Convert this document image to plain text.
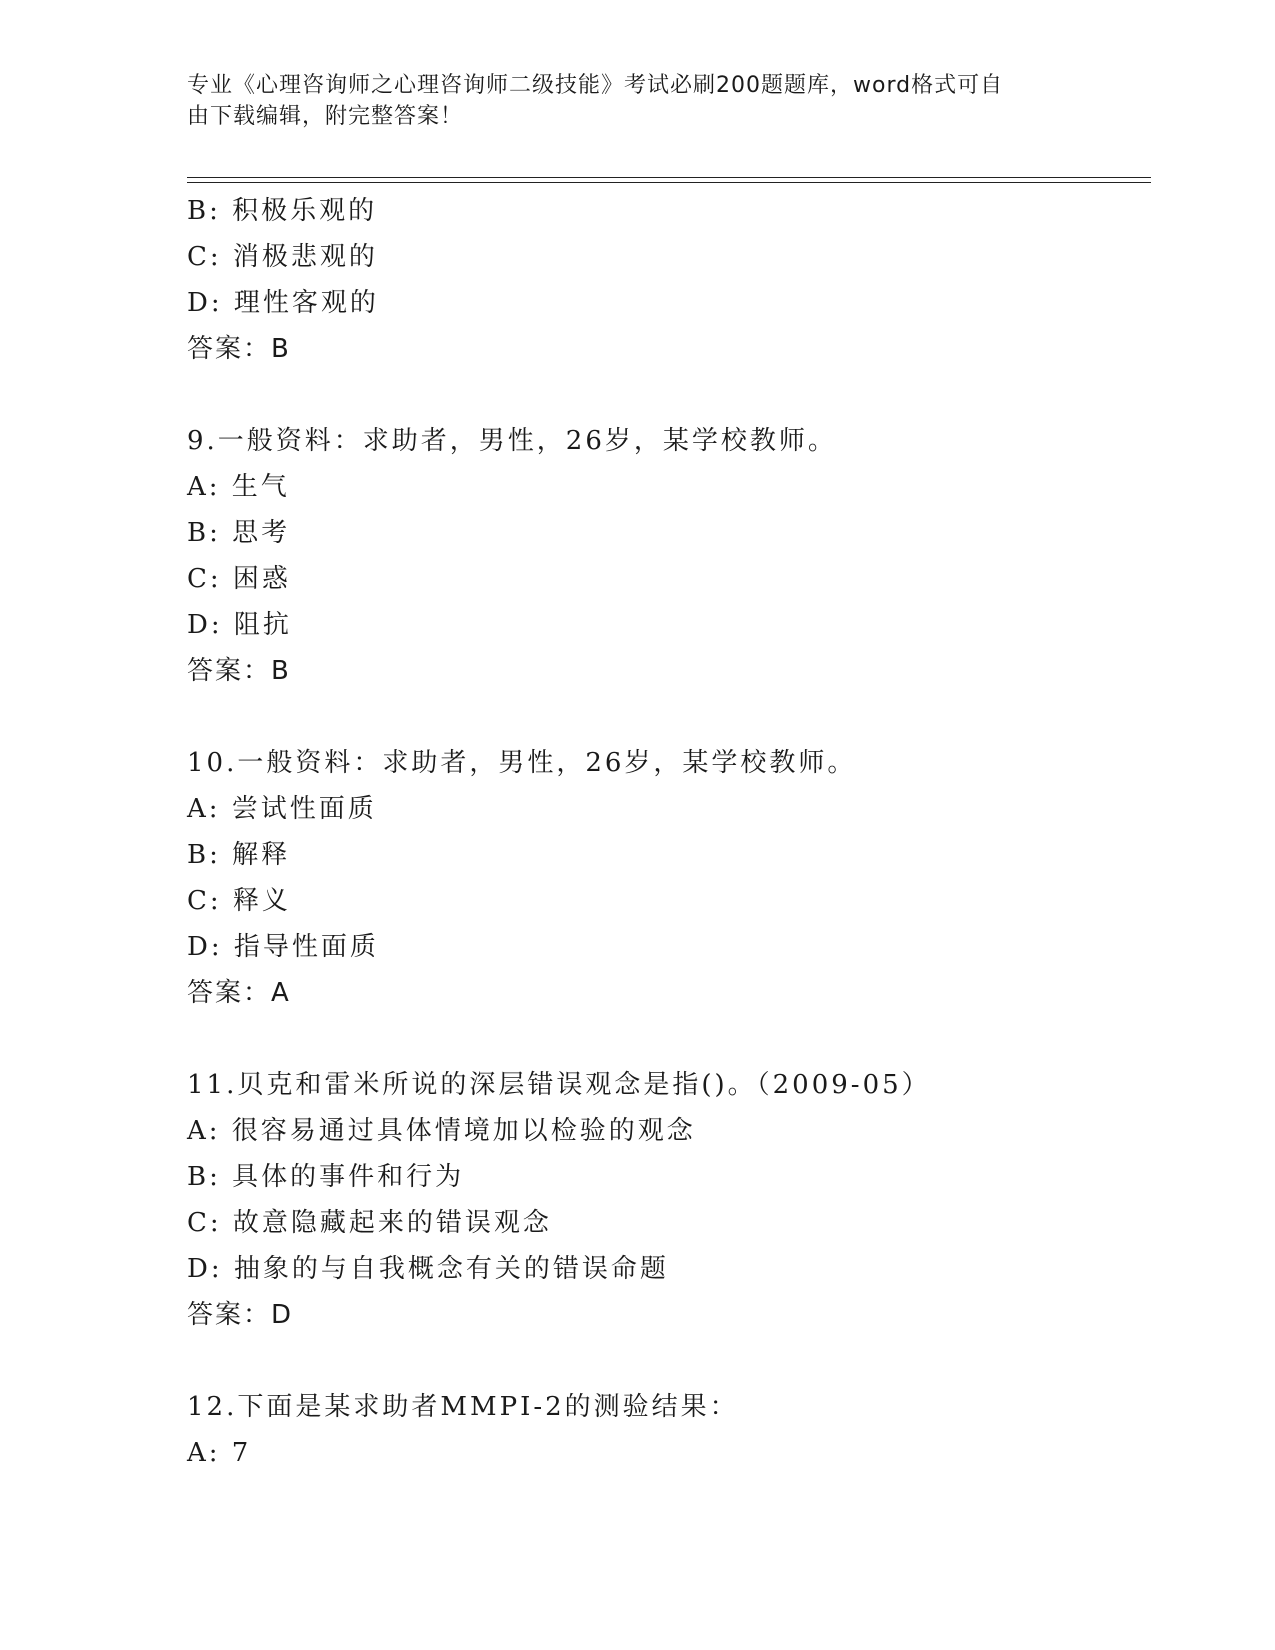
专业《心理咨询师之心理咨询师二级技能》考试必刷200题题库，word格式可自
由下载编辑，附完整答案！
B: 积极乐观的
C: 消极悲观的
D: 理性客观的
答案：B
9.一般资料：求助者，男性，26岁，某学校教师。
A: 生气
B: 思考
C: 困惑
D: 阻抗
答案：B
10.一般资料：求助者，男性，26岁，某学校教师。
A: 尝试性面质
B: 解释
C: 释义
D: 指导性面质
答案：A
11.贝克和雷米所说的深层错误观念是指()。（2009-05）
A: 很容易通过具体情境加以检验的观念
B: 具体的事件和行为
C: 故意隐藏起来的错误观念
D: 抽象的与自我概念有关的错误命题
答案：D
12.下面是某求助者MMPI-2的测验结果：
A: 7
